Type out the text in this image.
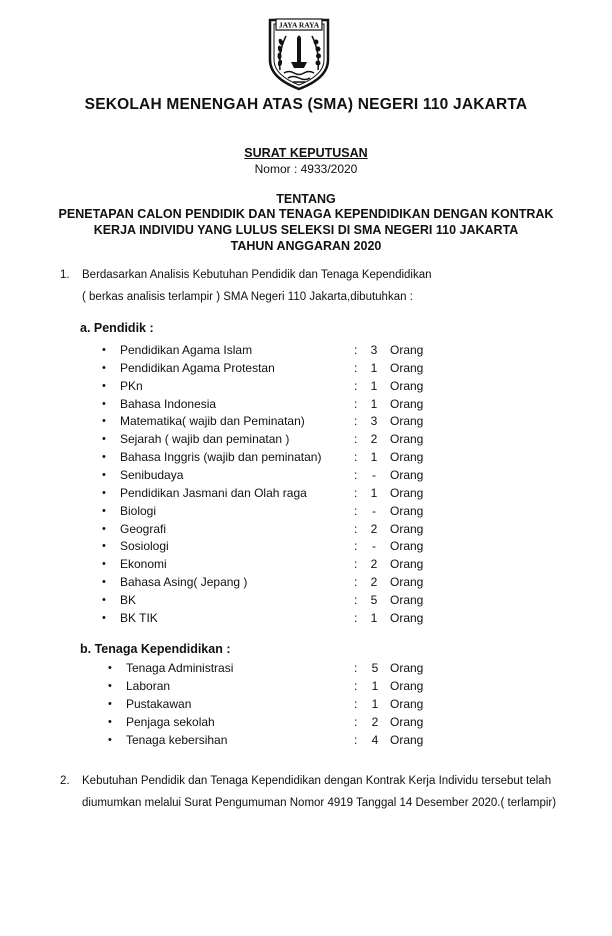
JAYA RAYA
SEKOLAH MENENGAH ATAS (SMA) NEGERI 110 JAKARTA
SURAT KEPUTUSAN
Nomor : 4933/2020
TENTANG
PENETAPAN CALON PENDIDIK DAN TENAGA KEPENDIDIKAN DENGAN KONTRAK
KERJA INDIVIDU YANG LULUS SELEKSI DI SMA NEGERI 110 JAKARTA
TAHUN ANGGARAN 2020
1. Berdasarkan Analisis Kebutuhan Pendidik dan Tenaga Kependidikan
( berkas analisis terlampir ) SMA Negeri 110 Jakarta,dibutuhkan :
a. Pendidik :
• Pendidikan Agama Islam	:	3	Orang
• Pendidikan Agama Protestan	:	1	Orang
• PKn	:	1	Orang
• Bahasa Indonesia	:	1	Orang
• Matematika( wajib dan Peminatan)	:	3	Orang
• Sejarah ( wajib dan peminatan )	:	2	Orang
• Bahasa Inggris (wajib dan peminatan)	:	1	Orang
• Senibudaya	:	-	Orang
• Pendidikan Jasmani dan Olah raga	:	1	Orang
• Biologi	:	-	Orang
• Geografi	:	2	Orang
• Sosiologi	:	-	Orang
• Ekonomi	:	2	Orang
• Bahasa Asing( Jepang )	:	2	Orang
• BK	:	5	Orang
• BK TIK	:	1	Orang
b. Tenaga Kependidikan :
• Tenaga Administrasi	:	5 Orang
• Laboran	:	1 Orang
• Pustakawan	:	1 Orang
• Penjaga sekolah	:	2 Orang
• Tenaga kebersihan	:	4 Orang
2. Kebutuhan Pendidik dan Tenaga Kependidikan dengan Kontrak Kerja Individu tersebut telah
diumumkan melalui Surat Pengumuman Nomor 4919 Tanggal 14 Desember 2020.( terlampir)
